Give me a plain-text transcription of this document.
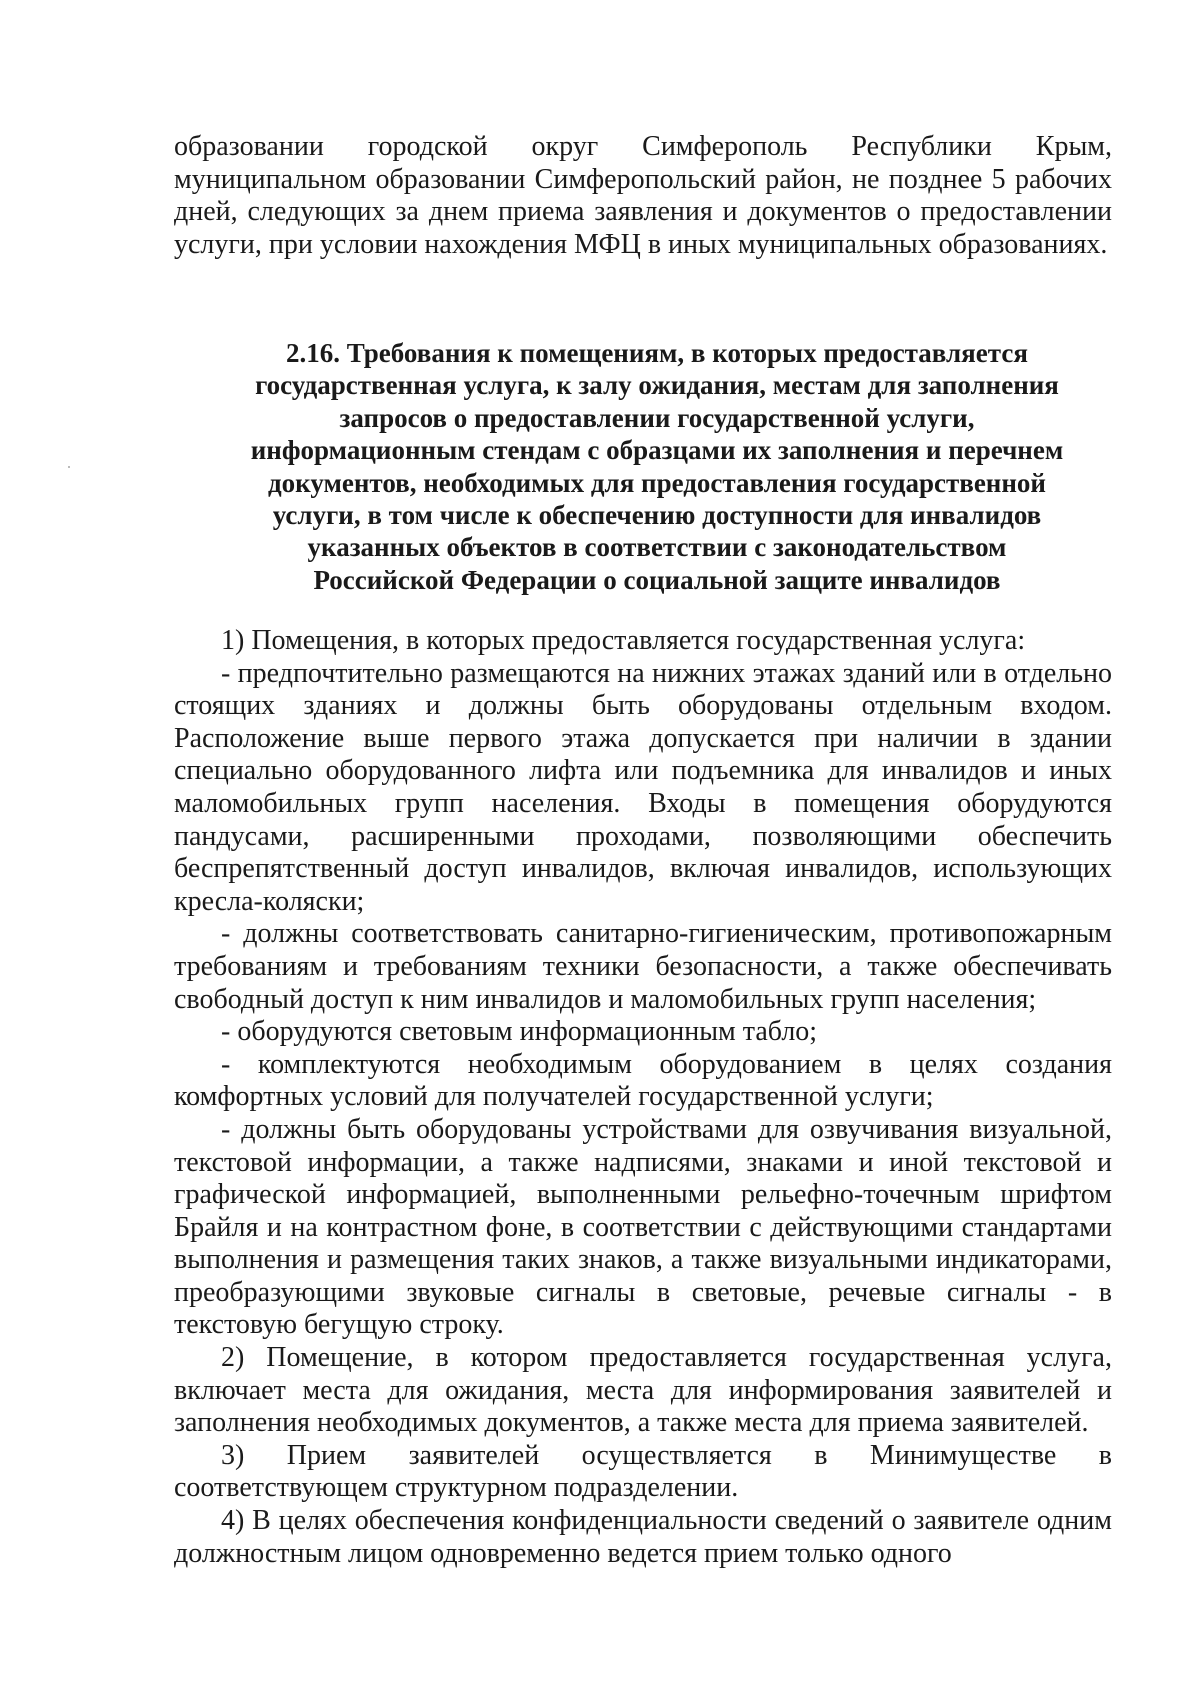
образовании городской округ Симферополь Республики Крым, муниципальном образовании Симферопольский район, не позднее 5 рабочих дней, следующих за днем приема заявления и документов о предоставлении услуги, при условии нахождения МФЦ в иных муниципальных образованиях.

2.16. Требования к помещениям, в которых предоставляется
государственная услуга, к залу ожидания, местам для заполнения
запросов о предоставлении государственной услуги,
информационным стендам с образцами их заполнения и перечнем
документов, необходимых для предоставления государственной
услуги, в том числе к обеспечению доступности для инвалидов
указанных объектов в соответствии с законодательством
Российской Федерации о социальной защите инвалидов

1) Помещения, в которых предоставляется государственная услуга:

- предпочтительно размещаются на нижних этажах зданий или в отдельно стоящих зданиях и должны быть оборудованы отдельным входом. Расположение выше первого этажа допускается при наличии в здании специально оборудованного лифта или подъемника для инвалидов и иных маломобильных групп населения. Входы в помещения оборудуются пандусами, расширенными проходами, позволяющими обеспечить беспрепятственный доступ инвалидов, включая инвалидов, использующих кресла-коляски;

- должны соответствовать санитарно-гигиеническим, противопожарным требованиям и требованиям техники безопасности, а также обеспечивать свободный доступ к ним инвалидов и маломобильных групп населения;

- оборудуются световым информационным табло;

- комплектуются необходимым оборудованием в целях создания комфортных условий для получателей государственной услуги;

- должны быть оборудованы устройствами для озвучивания визуальной, текстовой информации, а также надписями, знаками и иной текстовой и графической информацией, выполненными рельефно-точечным шрифтом Брайля и на контрастном фоне, в соответствии с действующими стандартами выполнения и размещения таких знаков, а также визуальными индикаторами, преобразующими звуковые сигналы в световые, речевые сигналы - в текстовую бегущую строку.

2) Помещение, в котором предоставляется государственная услуга, включает места для ожидания, места для информирования заявителей и заполнения необходимых документов, а также места для приема заявителей.

3) Прием заявителей осуществляется в Минимуществе в соответствующем структурном подразделении.

4) В целях обеспечения конфиденциальности сведений о заявителе одним должностным лицом одновременно ведется прием только одного
